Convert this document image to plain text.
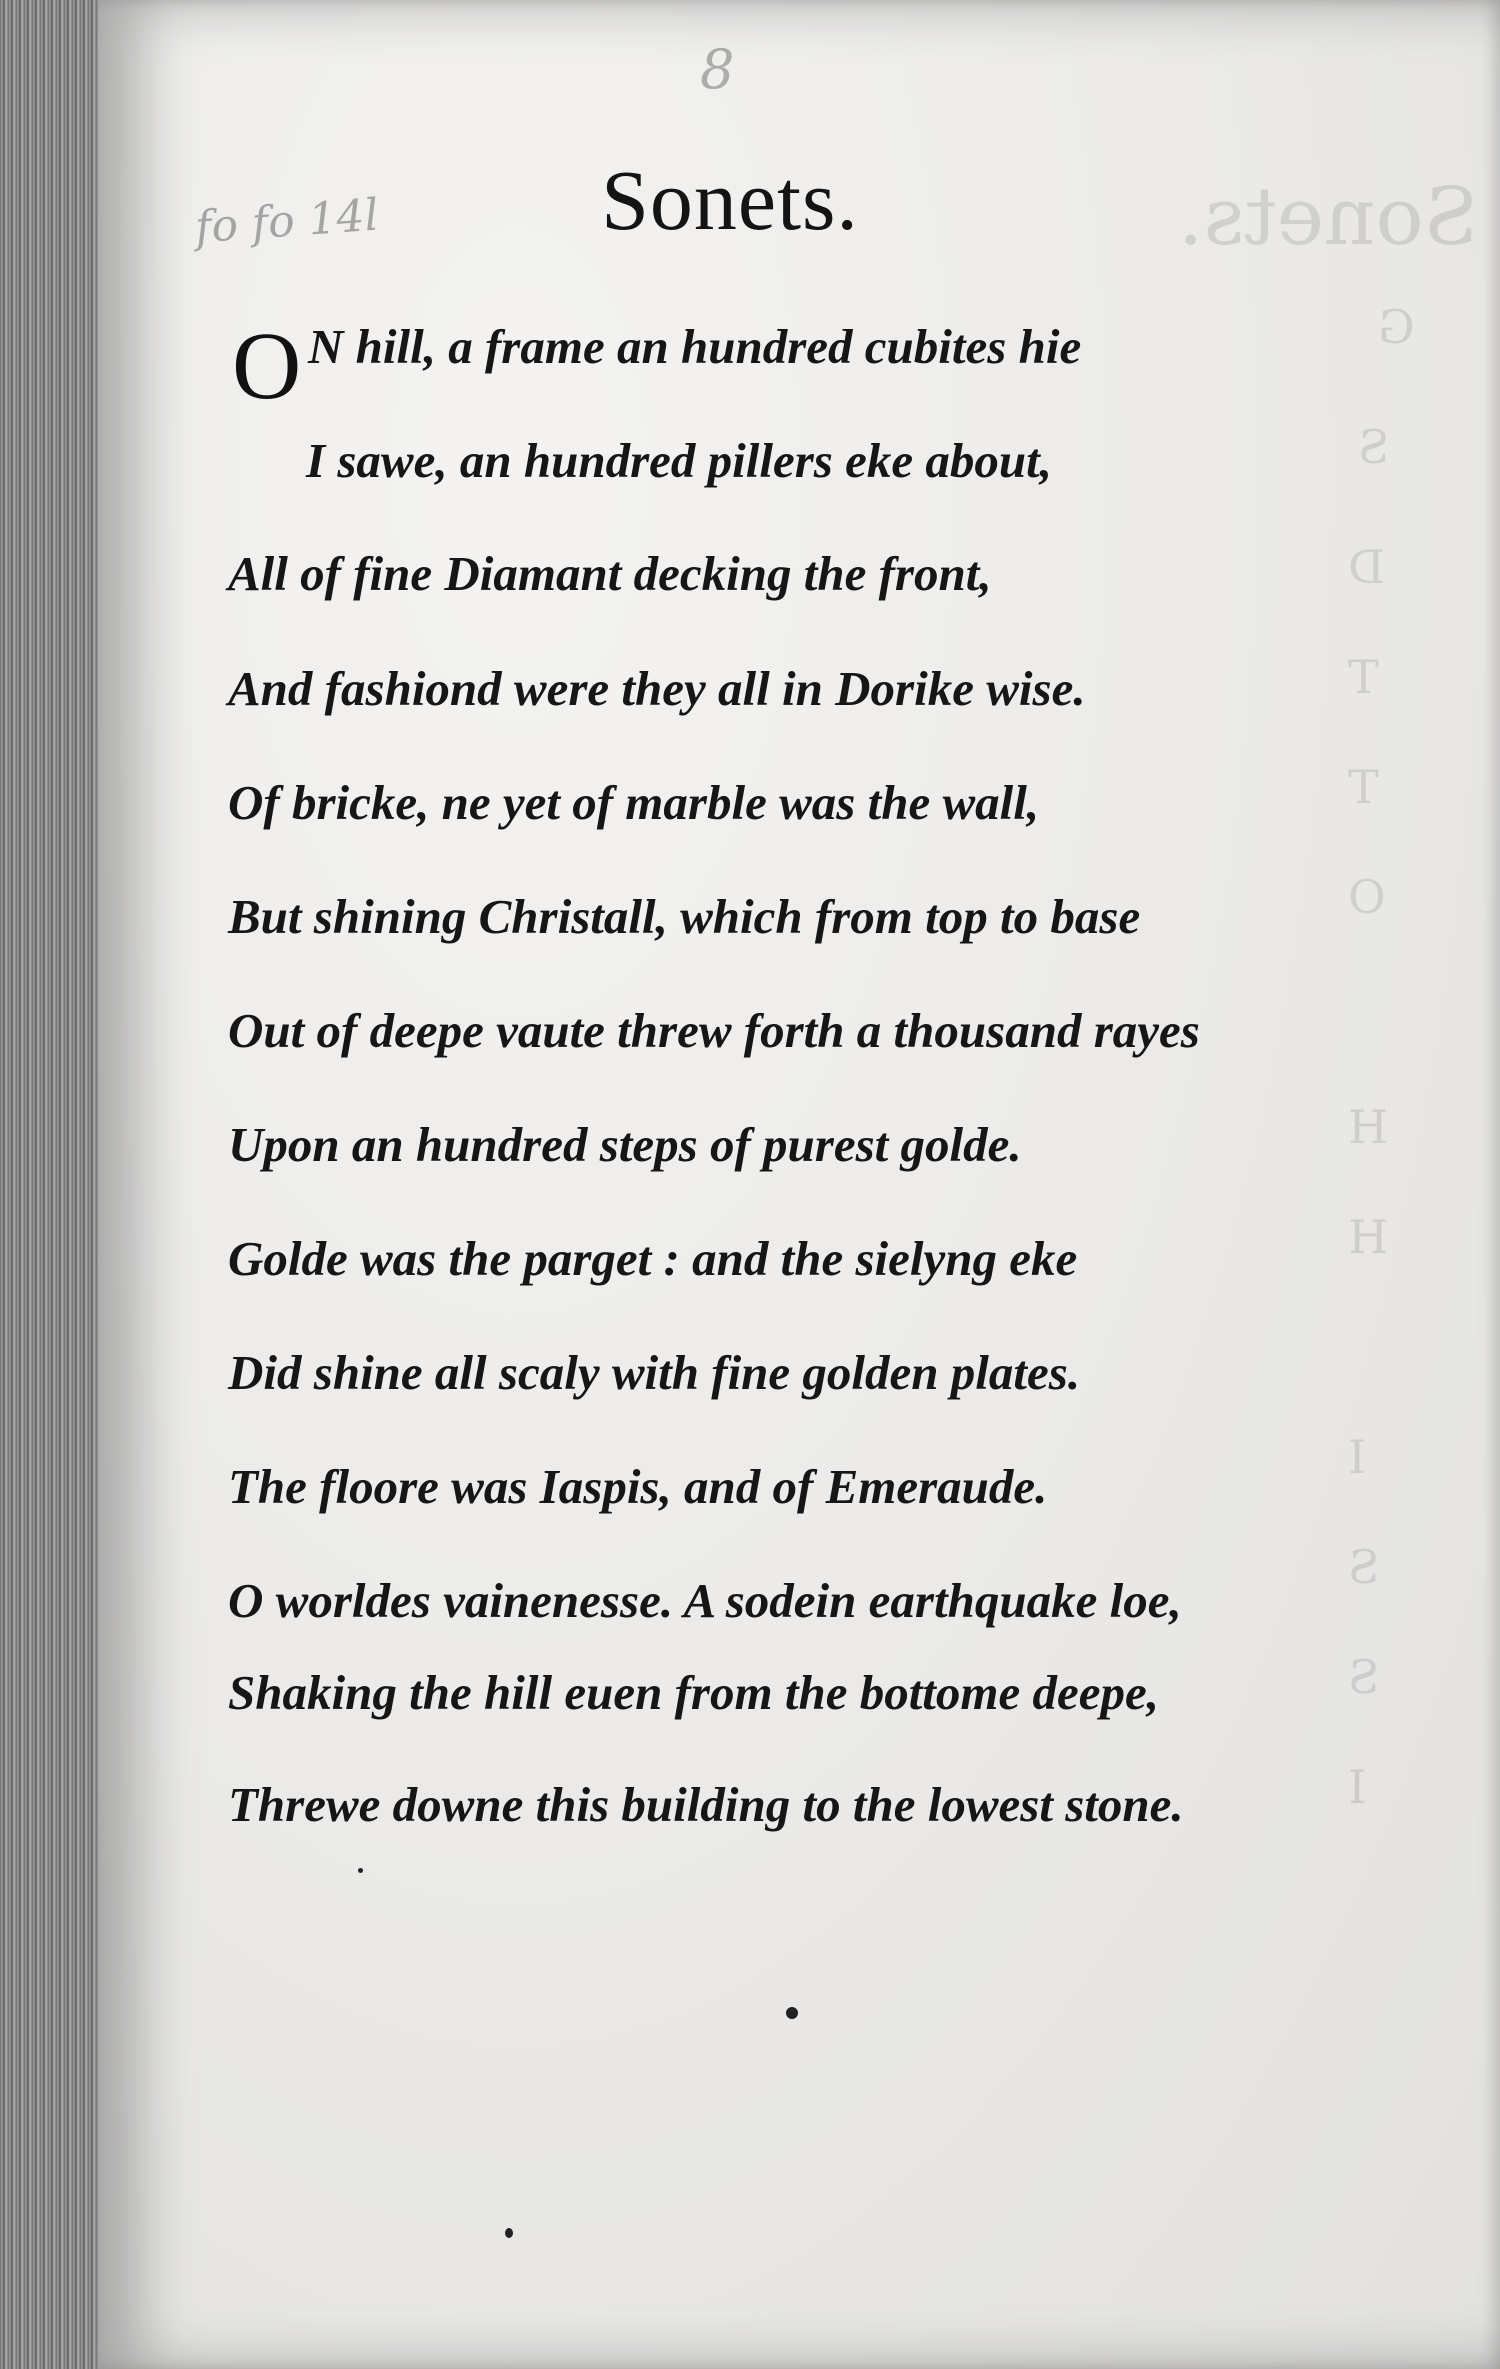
Sonets.
G
S
D
T
T
O
H
H
I
S
S
I
8
fo fo 14l	Sonets.
O N hill, a frame an hundred cubites hie
I sawe, an hundred pillers eke about,
All of fine Diamant decking the front,
And fashiond were they all in Dorike wise.
Of bricke, ne yet of marble was the wall,
But shining Christall, which from top to base
Out of deepe vaute threw forth a thousand rayes
Upon an hundred steps of purest golde.
Golde was the parget : and the sielyng eke
Did shine all scaly with fine golden plates.
The floore was Iaspis, and of Emeraude.
O worldes vainenesse. A sodein earthquake loe,
Shaking the hill euen from the bottome deepe,
Threwe downe this building to the lowest stone.
